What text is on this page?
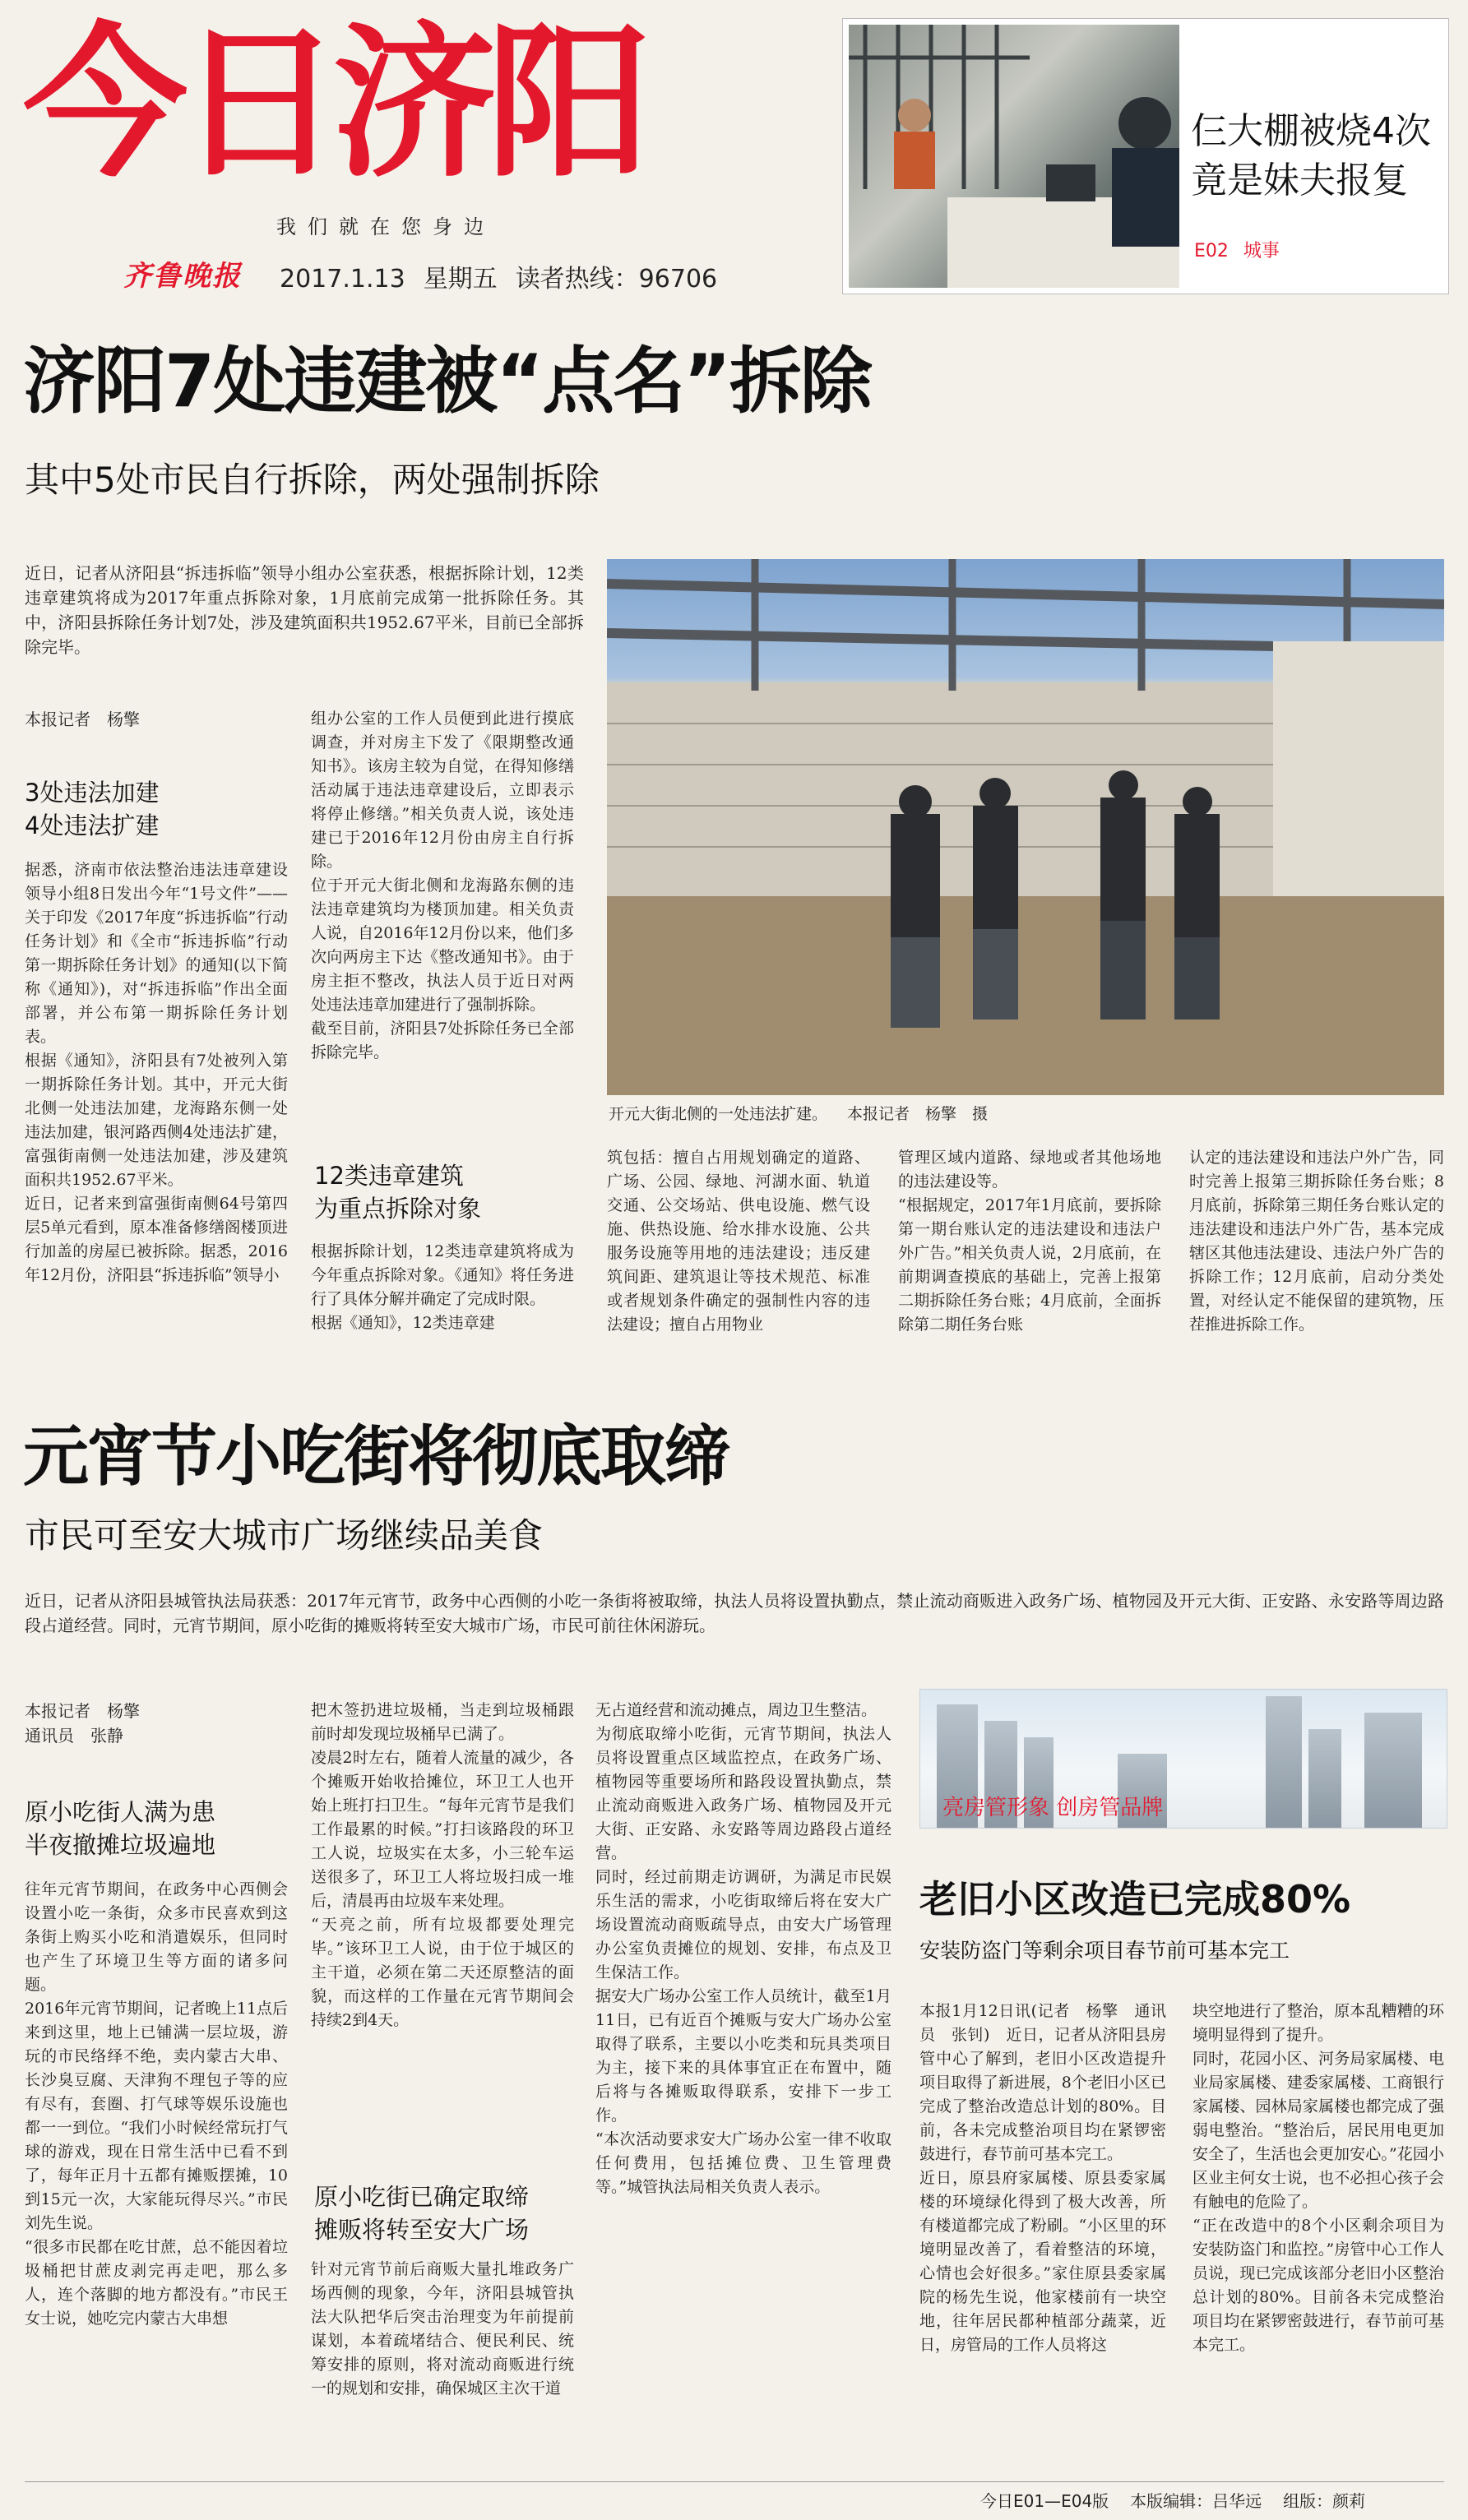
今日济阳
我们就在您身边
齐鲁晚报 2017.1.13 星期五 读者热线：96706
仨大棚被烧4次
竟是妹夫报复
E02 城事
济阳7处违建被“点名”拆除
其中5处市民自行拆除，两处强制拆除
近日，记者从济阳县“拆违拆临”领导小组办公室获悉，根据拆除计划，12类违章建筑将成为2017年重点拆除对象，1月底前完成第一批拆除任务。其中，济阳县拆除任务计划7处，涉及建筑面积共1952.67平米，目前已全部拆除完毕。
本报记者　杨擎
3处违法加建
4处违法扩建
据悉，济南市依法整治违法违章建设领导小组8日发出今年“1号文件”——关于印发《2017年度“拆违拆临”行动任务计划》和《全市“拆违拆临”行动第一期拆除任务计划》的通知(以下简称《通知》)，对“拆违拆临”作出全面部署，并公布第一期拆除任务计划表。
根据《通知》，济阳县有7处被列入第一期拆除任务计划。其中，开元大街北侧一处违法加建，龙海路东侧一处违法加建，银河路西侧4处违法扩建，富强街南侧一处违法加建，涉及建筑面积共1952.67平米。
近日，记者来到富强街南侧64号第四层5单元看到，原本准备修缮阁楼顶进行加盖的房屋已被拆除。据悉，2016年12月份，济阳县“拆违拆临”领导小
组办公室的工作人员便到此进行摸底调查，并对房主下发了《限期整改通知书》。该房主较为自觉，在得知修缮活动属于违法违章建设后，立即表示将停止修缮。”相关负责人说，该处违建已于2016年12月份由房主自行拆除。
位于开元大街北侧和龙海路东侧的违法违章建筑均为楼顶加建。相关负责人说，自2016年12月份以来，他们多次向两房主下达《整改通知书》。由于房主拒不整改，执法人员于近日对两处违法违章加建进行了强制拆除。
截至目前，济阳县7处拆除任务已全部拆除完毕。
12类违章建筑
为重点拆除对象
根据拆除计划，12类违章建筑将成为今年重点拆除对象。《通知》将任务进行了具体分解并确定了完成时限。
根据《通知》，12类违章建
开元大街北侧的一处违法扩建。 本报记者　杨擎　摄
筑包括：擅自占用规划确定的道路、广场、公园、绿地、河湖水面、轨道交通、公交场站、供电设施、燃气设施、供热设施、给水排水设施、公共服务设施等用地的违法建设；违反建筑间距、建筑退让等技术规范、标准或者规划条件确定的强制性内容的违法建设；擅自占用物业
管理区域内道路、绿地或者其他场地的违法建设等。
“根据规定，2017年1月底前，要拆除第一期台账认定的违法建设和违法户外广告。”相关负责人说，2月底前，在前期调查摸底的基础上，完善上报第二期拆除任务台账；4月底前，全面拆除第二期任务台账
认定的违法建设和违法户外广告，同时完善上报第三期拆除任务台账；8月底前，拆除第三期任务台账认定的违法建设和违法户外广告，基本完成辖区其他违法建设、违法户外广告的拆除工作；12月底前，启动分类处置，对经认定不能保留的建筑物，压茬推进拆除工作。
元宵节小吃街将彻底取缔
市民可至安大城市广场继续品美食
近日，记者从济阳县城管执法局获悉：2017年元宵节，政务中心西侧的小吃一条街将被取缔，执法人员将设置执勤点，禁止流动商贩进入政务广场、植物园及开元大街、正安路、永安路等周边路段占道经营。同时，元宵节期间，原小吃街的摊贩将转至安大城市广场，市民可前往休闲游玩。
本报记者　杨擎
通讯员　张静
原小吃街人满为患
半夜撤摊垃圾遍地
往年元宵节期间，在政务中心西侧会设置小吃一条街，众多市民喜欢到这条街上购买小吃和消遣娱乐，但同时也产生了环境卫生等方面的诸多问题。
2016年元宵节期间，记者晚上11点后来到这里，地上已铺满一层垃圾，游玩的市民络绎不绝，卖内蒙古大串、长沙臭豆腐、天津狗不理包子等的应有尽有，套圈、打气球等娱乐设施也都一一到位。“我们小时候经常玩打气球的游戏，现在日常生活中已看不到了，每年正月十五都有摊贩摆摊，10到15元一次，大家能玩得尽兴。”市民刘先生说。
“很多市民都在吃甘蔗，总不能因着垃圾桶把甘蔗皮剥完再走吧，那么多人，连个落脚的地方都没有。”市民王女士说，她吃完内蒙古大串想
把木签扔进垃圾桶，当走到垃圾桶跟前时却发现垃圾桶早已满了。
凌晨2时左右，随着人流量的减少，各个摊贩开始收拾摊位，环卫工人也开始上班打扫卫生。“每年元宵节是我们工作最累的时候。”打扫该路段的环卫工人说，垃圾实在太多，小三轮车运送很多了，环卫工人将垃圾扫成一堆后，清晨再由垃圾车来处理。
“天亮之前，所有垃圾都要处理完毕。”该环卫工人说，由于位于城区的主干道，必须在第二天还原整洁的面貌，而这样的工作量在元宵节期间会持续2到4天。
原小吃街已确定取缔
摊贩将转至安大广场
针对元宵节前后商贩大量扎堆政务广场西侧的现象，今年，济阳县城管执法大队把华后突击治理变为年前提前谋划，本着疏堵结合、便民利民、统筹安排的原则，将对流动商贩进行统一的规划和安排，确保城区主次干道
无占道经营和流动摊点，周边卫生整洁。
为彻底取缔小吃街，元宵节期间，执法人员将设置重点区域监控点，在政务广场、植物园等重要场所和路段设置执勤点，禁止流动商贩进入政务广场、植物园及开元大街、正安路、永安路等周边路段占道经营。
同时，经过前期走访调研，为满足市民娱乐生活的需求，小吃街取缔后将在安大广场设置流动商贩疏导点，由安大广场管理办公室负责摊位的规划、安排，布点及卫生保洁工作。
据安大广场办公室工作人员统计，截至1月11日，已有近百个摊贩与安大广场办公室取得了联系，主要以小吃类和玩具类项目为主，接下来的具体事宜正在布置中，随后将与各摊贩取得联系，安排下一步工作。
“本次活动要求安大广场办公室一律不收取任何费用，包括摊位费、卫生管理费等。”城管执法局相关负责人表示。
亮房管形象 创房管品牌
老旧小区改造已完成80%
安装防盗门等剩余项目春节前可基本完工
本报1月12日讯(记者　杨擎　通讯员　张钊)　近日，记者从济阳县房管中心了解到，老旧小区改造提升项目取得了新进展，8个老旧小区已完成了整治改造总计划的80%。目前，各未完成整治项目均在紧锣密鼓进行，春节前可基本完工。
近日，原县府家属楼、原县委家属楼的环境绿化得到了极大改善，所有楼道都完成了粉刷。“小区里的环境明显改善了，看着整洁的环境，心情也会好很多。”家住原县委家属院的杨先生说，他家楼前有一块空地，往年居民都种植部分蔬菜，近日，房管局的工作人员将这
块空地进行了整治，原本乱糟糟的环境明显得到了提升。
同时，花园小区、河务局家属楼、电业局家属楼、建委家属楼、工商银行家属楼、园林局家属楼也都完成了强弱电整治。“整治后，居民用电更加安全了，生活也会更加安心。”花园小区业主何女士说，也不必担心孩子会有触电的危险了。
“正在改造中的8个小区剩余项目为安装防盗门和监控。”房管中心工作人员说，现已完成该部分老旧小区整治总计划的80%。目前各未完成整治项目均在紧锣密鼓进行，春节前可基本完工。
今日E01—E04版 本版编辑：吕华远 组版：颜莉
